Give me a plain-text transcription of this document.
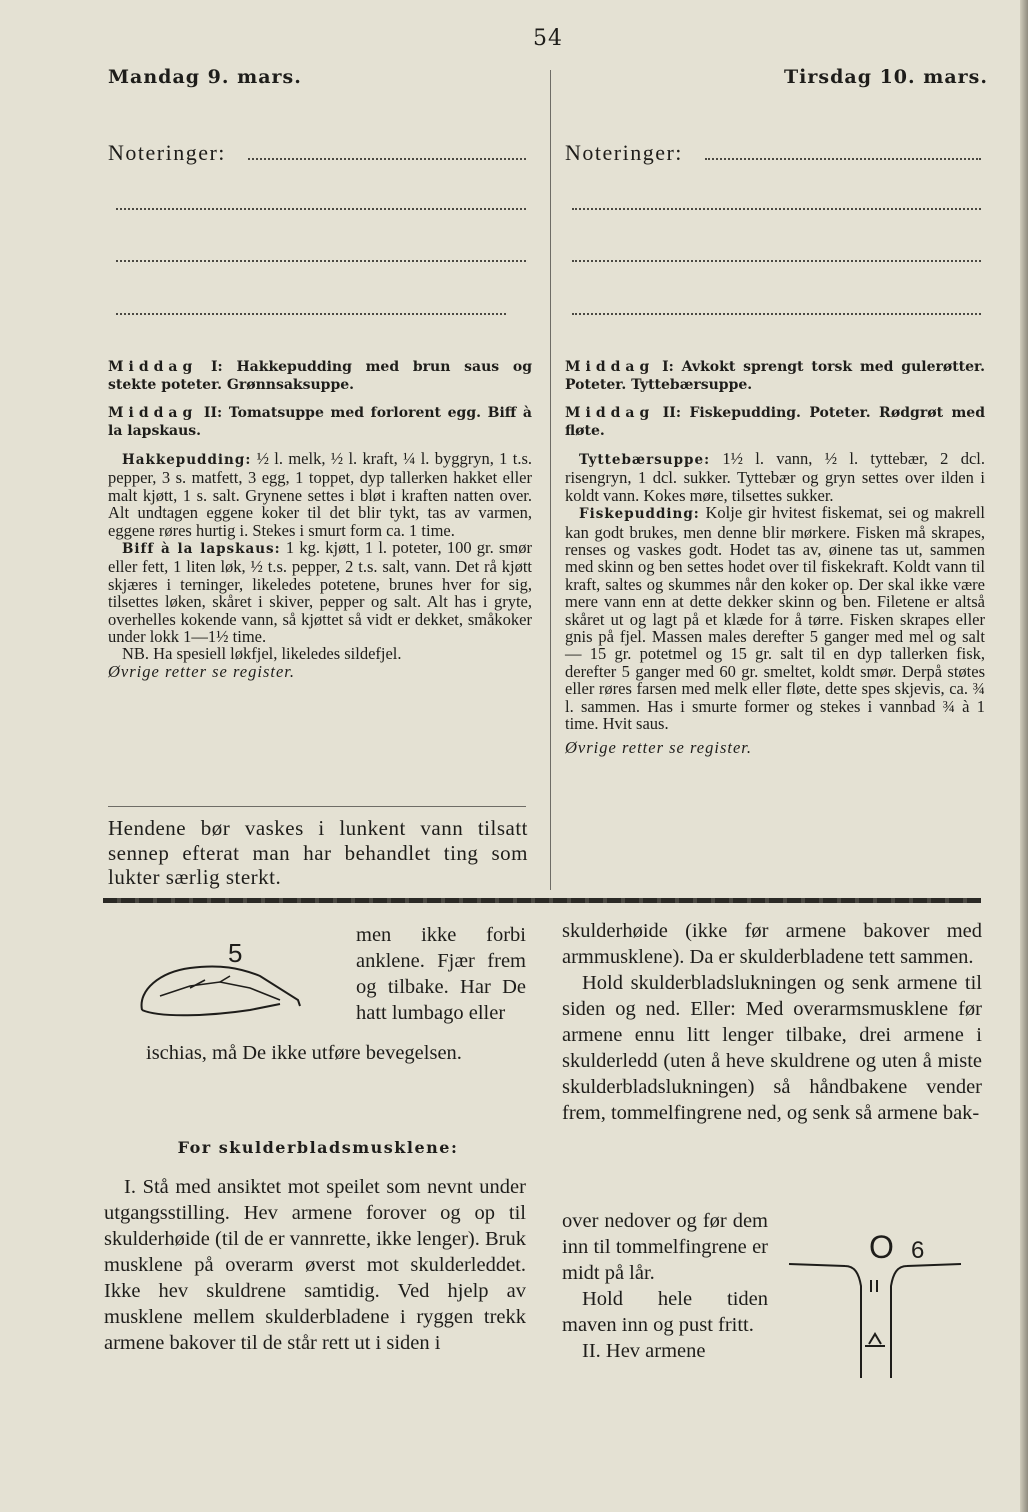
54
Mandag 9. mars.	Tirsdag 10. mars.
Noteringer:	Noteringer:
Middag I: Hakkepudding med brun saus og stekte poteter. Grønnsaksuppe.
Middag II: Tomatsuppe med forlorent egg. Biff à la lapskaus.

Hakkepudding: ½ l. melk, ½ l. kraft, ¼ l. byggryn, 1 t.s. pepper, 3 s. matfett, 3 egg, 1 toppet, dyp tallerken hakket eller malt kjøtt, 1 s. salt. Grynene settes i bløt i kraften natten over. Alt undtagen eggene koker til det blir tykt, tas av varmen, eggene røres hurtig i. Stekes i smurt form ca. 1 time.

Biff à la lapskaus: 1 kg. kjøtt, 1 l. poteter, 100 gr. smør eller fett, 1 liten løk, ½ t.s. pepper, 2 t.s. salt, vann. Det rå kjøtt skjæres i terninger, likeledes potetene, brunes hver for sig, tilsettes løken, skåret i skiver, pepper og salt. Alt has i gryte, overhelles kokende vann, så kjøttet så vidt er dekket, småkoker under lokk 1—1½ time.

NB. Ha spesiell løkfjel, likeledes sildefjel.

Øvrige retter se register.

Hendene bør vaskes i lunkent vann tilsatt sennep efterat man har behandlet ting som lukter særlig sterkt.
Middag I: Avkokt sprengt torsk med gulerøtter. Poteter. Tyttebærsuppe.
Middag II: Fiskepudding. Poteter. Rødgrøt med fløte.

Tyttebærsuppe: 1½ l. vann, ½ l. tyttebær, 2 dcl. risengryn, 1 dcl. sukker. Tyttebær og gryn settes over ilden i koldt vann. Kokes møre, tilsettes sukker.

Fiskepudding: Kolje gir hvitest fiskemat, sei og makrell kan godt brukes, men denne blir mørkere. Fisken må skrapes, renses og vaskes godt. Hodet tas av, øinene tas ut, sammen med skinn og ben settes hodet over til fiskekraft. Koldt vann til kraft, saltes og skummes når den koker op. Der skal ikke være mere vann enn at dette dekker skinn og ben. Filetene er altså skåret ut og lagt på et klæde for å tørre. Fisken skrapes eller gnis på fjel. Massen males derefter 5 ganger med mel og salt — 15 gr. potetmel og 15 gr. salt til en dyp tallerken fisk, derefter 5 ganger med 60 gr. smeltet, koldt smør. Derpå støtes eller røres farsen med melk eller fløte, dette spes skjevis, ca. ¾ l. sammen. Has i smurte former og stekes i vannbad ¾ à 1 time. Hvit saus.

Øvrige retter se register.

5
men ikke forbi anklene. Fjær frem og tilbake. Har De hatt lumbago eller
ischias, må De ikke utføre bevegelsen.
For skulderbladsmusklene:

I. Stå med ansiktet mot speilet som nevnt under utgangsstilling. Hev armene forover og op til skulderhøide (til de er vannrette, ikke lenger). Bruk musklene på overarm øverst mot skulderleddet. Ikke hev skuldrene samtidig. Ved hjelp av musklene mellem skulderbladene i ryggen trekk armene bakover til de står rett ut i siden i

skulderhøide (ikke før armene bakover med armmusklene). Da er skulderbladene tett sammen.

Hold skulderbladslukningen og senk armene til siden og ned. Eller: Med overarmsmusklene før armene ennu litt lenger tilbake, drei armene i skulderledd (uten å heve skuldrene og uten å miste skulderbladslukningen) så håndbakene vender frem, tommelfingrene ned, og senk så armene bak-

over nedover og før dem inn til tommelfingrene er midt på lår.

Hold hele tiden maven inn og pust fritt.

II. Hev armene

O 6
